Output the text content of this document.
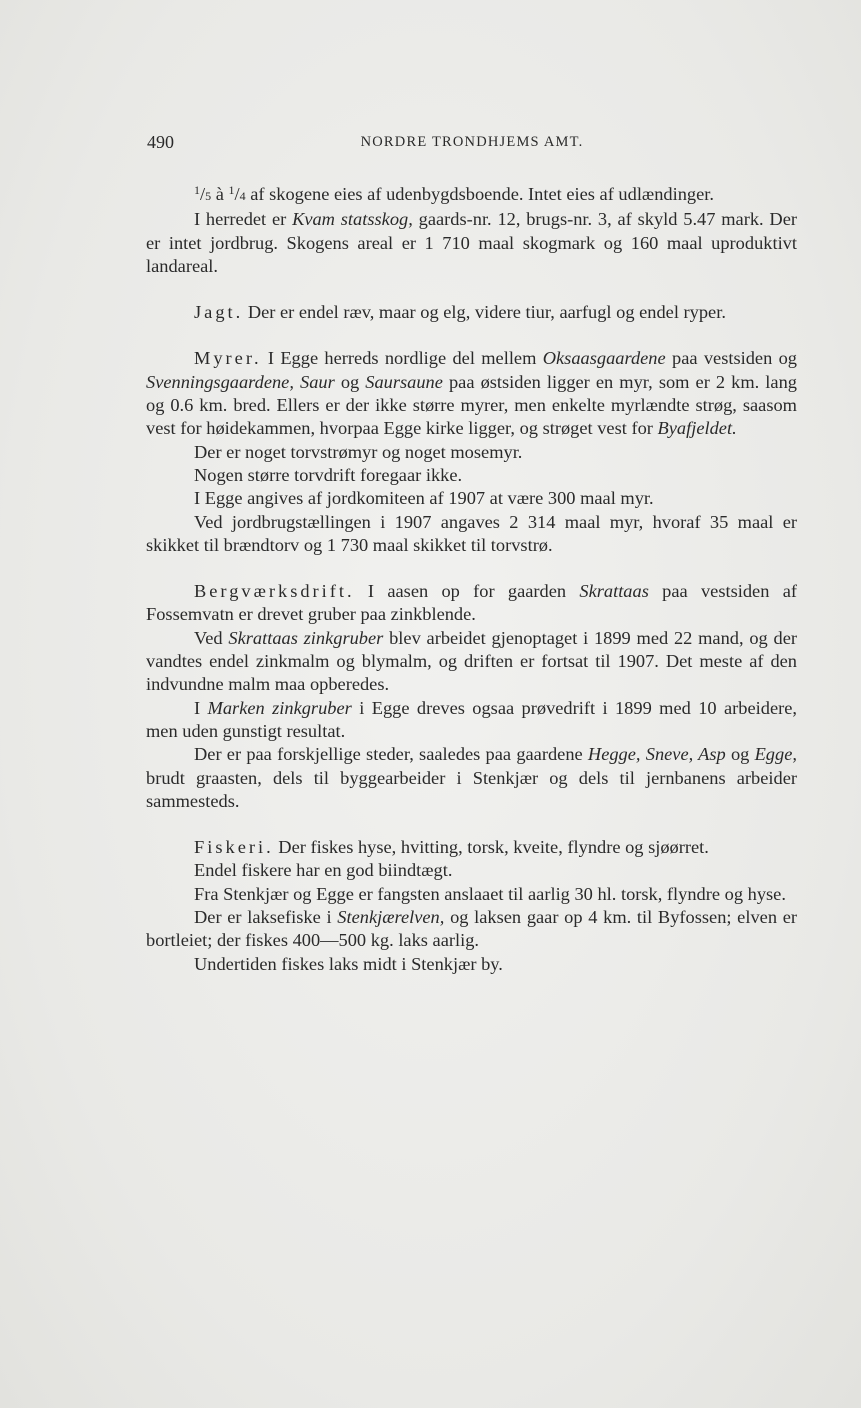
490	NORDRE TRONDHJEMS AMT.

$^1$/5 à $^1$/4 af skogene eies af udenbygdsboende. Intet eies af udlændinger.

I herredet er Kvam statsskog, gaards-nr. 12, brugs-nr. 3, af skyld 5.47 mark. Der er intet jordbrug. Skogens areal er 1 710 maal skogmark og 160 maal uproduktivt landareal.

Jagt. Der er endel ræv, maar og elg, videre tiur, aarfugl og endel ryper.

Myrer. I Egge herreds nordlige del mellem Oksaasgaardene paa vestsiden og Svenningsgaardene, Saur og Saursaune paa østsiden ligger en myr, som er 2 km. lang og 0.6 km. bred. Ellers er der ikke større myrer, men enkelte myrlændte strøg, saasom vest for høidekammen, hvorpaa Egge kirke ligger, og strøget vest for Byafjeldet.

Der er noget torvstrømyr og noget mosemyr.

Nogen større torvdrift foregaar ikke.

I Egge angives af jordkomiteen af 1907 at være 300 maal myr.

Ved jordbrugstællingen i 1907 angaves 2 314 maal myr, hvoraf 35 maal er skikket til brændtorv og 1 730 maal skikket til torvstrø.

Bergværksdrift. I aasen op for gaarden Skrattaas paa vestsiden af Fossemvatn er drevet gruber paa zinkblende.

Ved Skrattaas zinkgruber blev arbeidet gjenoptaget i 1899 med 22 mand, og der vandtes endel zinkmalm og blymalm, og driften er fortsat til 1907. Det meste af den indvundne malm maa opberedes.

I Marken zinkgruber i Egge dreves ogsaa prøvedrift i 1899 med 10 arbeidere, men uden gunstigt resultat.

Der er paa forskjellige steder, saaledes paa gaardene Hegge, Sneve, Asp og Egge, brudt graasten, dels til byggearbeider i Stenkjær og dels til jernbanens arbeider sammesteds.

Fiskeri. Der fiskes hyse, hvitting, torsk, kveite, flyndre og sjøørret.

Endel fiskere har en god biindtægt.

Fra Stenkjær og Egge er fangsten anslaaet til aarlig 30 hl. torsk, flyndre og hyse.

Der er laksefiske i Stenkjærelven, og laksen gaar op 4 km. til Byfossen; elven er bortleiet; der fiskes 400—500 kg. laks aarlig.

Undertiden fiskes laks midt i Stenkjær by.
